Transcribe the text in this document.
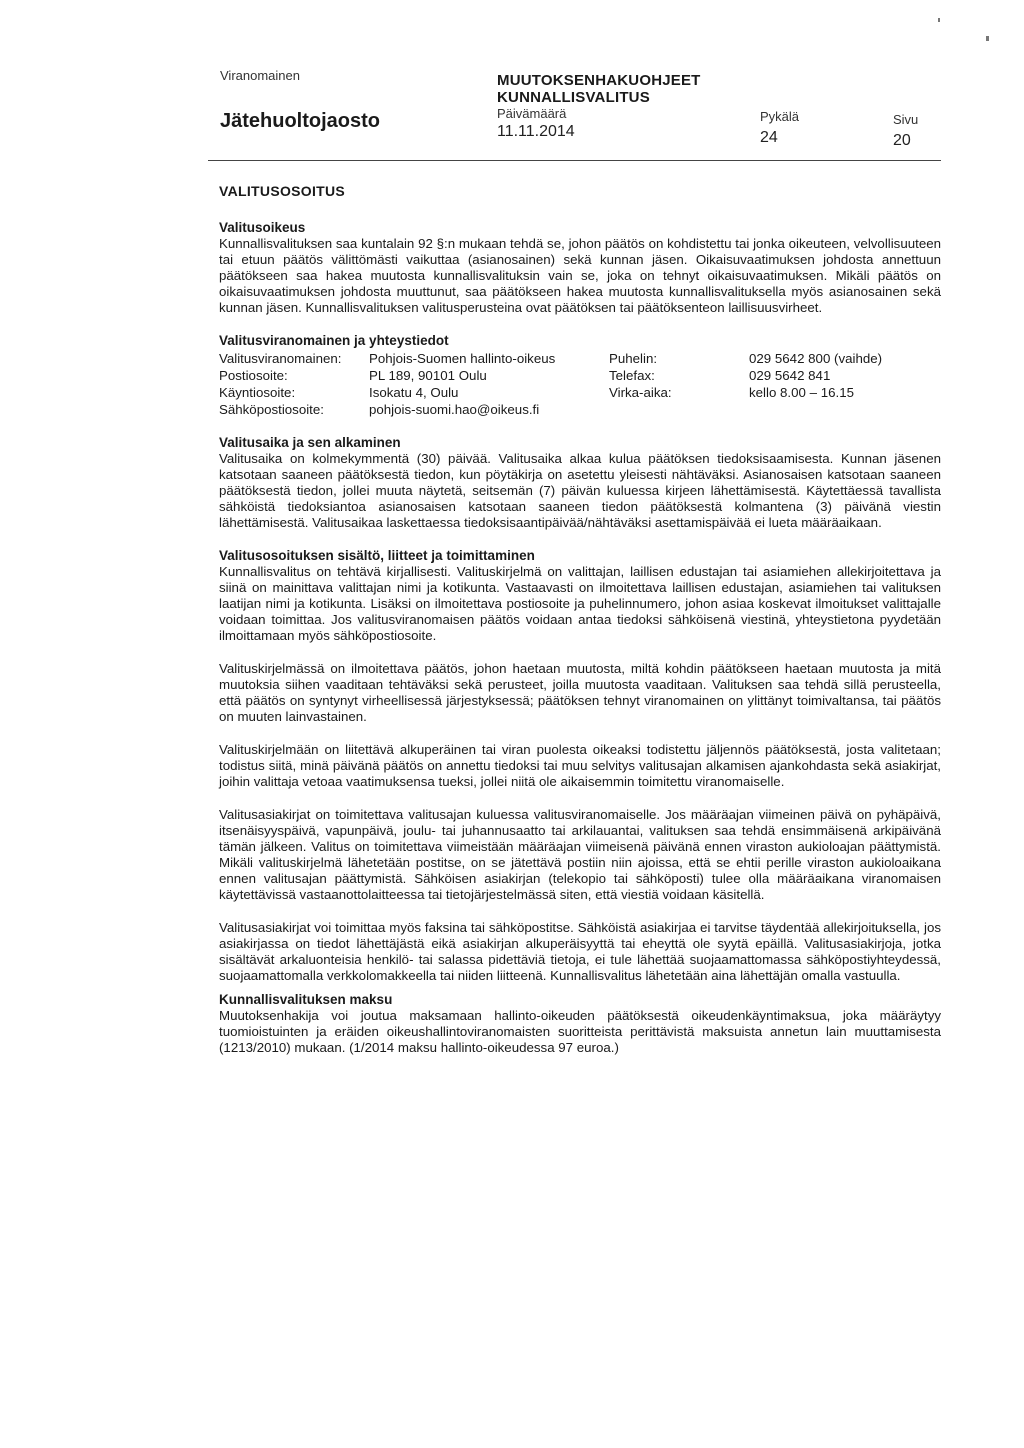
Viranomainen
Jätehuoltojaosto
MUUTOKSENHAKUOHJEET
KUNNALLISVALITUS
Päivämäärä
11.11.2014
Pykälä
24
Sivu
20
VALITUSOSOITUS
Valitusoikeus

Kunnallisvalituksen saa kuntalain 92 §:n mukaan tehdä se, johon päätös on kohdistettu tai jonka oikeuteen, velvollisuuteen tai etuun päätös välittömästi vaikuttaa (asianosainen) sekä kunnan jäsen. Oikaisuvaatimuksen johdosta annettuun päätökseen saa hakea muutosta kunnallisvalituksin vain se, joka on tehnyt oikaisuvaatimuksen. Mikäli päätös on oikaisuvaatimuksen johdosta muuttunut, saa päätökseen hakea muutosta kunnallisvalituksella myös asianosainen sekä kunnan jäsen. Kunnallisvalituksen valitusperusteina ovat päätöksen tai päätöksenteon laillisuusvirheet.

Valitusviranomainen ja yhteystiedot
Valitusviranomainen:	Pohjois-Suomen hallinto-oikeus	Puhelin:	029 5642 800 (vaihde)
Postiosoite:	PL 189, 90101 Oulu	Telefax:	029 5642 841
Käyntiosoite:	Isokatu 4, Oulu	Virka-aika:	kello 8.00 – 16.15
Sähköpostiosoite:	pohjois-suomi.hao@oikeus.fi
Valitusaika ja sen alkaminen

Valitusaika on kolmekymmentä (30) päivää. Valitusaika alkaa kulua päätöksen tiedoksisaamisesta. Kunnan jäsenen katsotaan saaneen päätöksestä tiedon, kun pöytäkirja on asetettu yleisesti nähtäväksi. Asianosaisen katsotaan saaneen päätöksestä tiedon, jollei muuta näytetä, seitsemän (7) päivän kuluessa kirjeen lähettämisestä. Käytettäessä tavallista sähköistä tiedoksiantoa asianosaisen katsotaan saaneen tiedon päätöksestä kolmantena (3) päivänä viestin lähettämisestä. Valitusaikaa laskettaessa tiedoksisaantipäivää/nähtäväksi asettamispäivää ei lueta määräaikaan.

Valitusosoituksen sisältö, liitteet ja toimittaminen

Kunnallisvalitus on tehtävä kirjallisesti. Valituskirjelmä on valittajan, laillisen edustajan tai asiamiehen allekirjoitettava ja siinä on mainittava valittajan nimi ja kotikunta. Vastaavasti on ilmoitettava laillisen edustajan, asiamiehen tai valituksen laatijan nimi ja kotikunta. Lisäksi on ilmoitettava postiosoite ja puhelinnumero, johon asiaa koskevat ilmoitukset valittajalle voidaan toimittaa. Jos valitusviranomaisen päätös voidaan antaa tiedoksi sähköisenä viestinä, yhteystietona pyydetään ilmoittamaan myös sähköpostiosoite.

Valituskirjelmässä on ilmoitettava päätös, johon haetaan muutosta, miltä kohdin päätökseen haetaan muutosta ja mitä muutoksia siihen vaaditaan tehtäväksi sekä perusteet, joilla muutosta vaaditaan. Valituksen saa tehdä sillä perusteella, että päätös on syntynyt virheellisessä järjestyksessä; päätöksen tehnyt viranomainen on ylittänyt toimivaltansa, tai päätös on muuten lainvastainen.

Valituskirjelmään on liitettävä alkuperäinen tai viran puolesta oikeaksi todistettu jäljennös päätöksestä, josta valitetaan; todistus siitä, minä päivänä päätös on annettu tiedoksi tai muu selvitys valitusajan alkamisen ajankohdasta sekä asiakirjat, joihin valittaja vetoaa vaatimuksensa tueksi, jollei niitä ole aikaisemmin toimitettu viranomaiselle.

Valitusasiakirjat on toimitettava valitusajan kuluessa valitusviranomaiselle. Jos määräajan viimeinen päivä on pyhäpäivä, itsenäisyyspäivä, vapunpäivä, joulu- tai juhannusaatto tai arkilauantai, valituksen saa tehdä ensimmäisenä arkipäivänä tämän jälkeen. Valitus on toimitettava viimeistään määräajan viimeisenä päivänä ennen viraston aukioloajan päättymistä. Mikäli valituskirjelmä lähetetään postitse, on se jätettävä postiin niin ajoissa, että se ehtii perille viraston aukioloaikana ennen valitusajan päättymistä. Sähköisen asiakirjan (telekopio tai sähköposti) tulee olla määräaikana viranomaisen käytettävissä vastaanottolaitteessa tai tietojärjestelmässä siten, että viestiä voidaan käsitellä.

Valitusasiakirjat voi toimittaa myös faksina tai sähköpostitse. Sähköistä asiakirjaa ei tarvitse täydentää allekirjoituksella, jos asiakirjassa on tiedot lähettäjästä eikä asiakirjan alkuperäisyyttä tai eheyttä ole syytä epäillä. Valitusasiakirjoja, jotka sisältävät arkaluonteisia henkilö- tai salassa pidettäviä tietoja, ei tule lähettää suojaamattomassa sähköpostiyhteydessä, suojaamattomalla verkkolomakkeella tai niiden liitteenä. Kunnallisvalitus lähetetään aina lähettäjän omalla vastuulla.

Kunnallisvalituksen maksu

Muutoksenhakija voi joutua maksamaan hallinto-oikeuden päätöksestä oikeudenkäyntimaksua, joka määräytyy tuomioistuinten ja eräiden oikeushallintoviranomaisten suoritteista perittävistä maksuista annetun lain muuttamisesta (1213/2010) mukaan. (1/2014 maksu hallinto-oikeudessa 97 euroa.)
